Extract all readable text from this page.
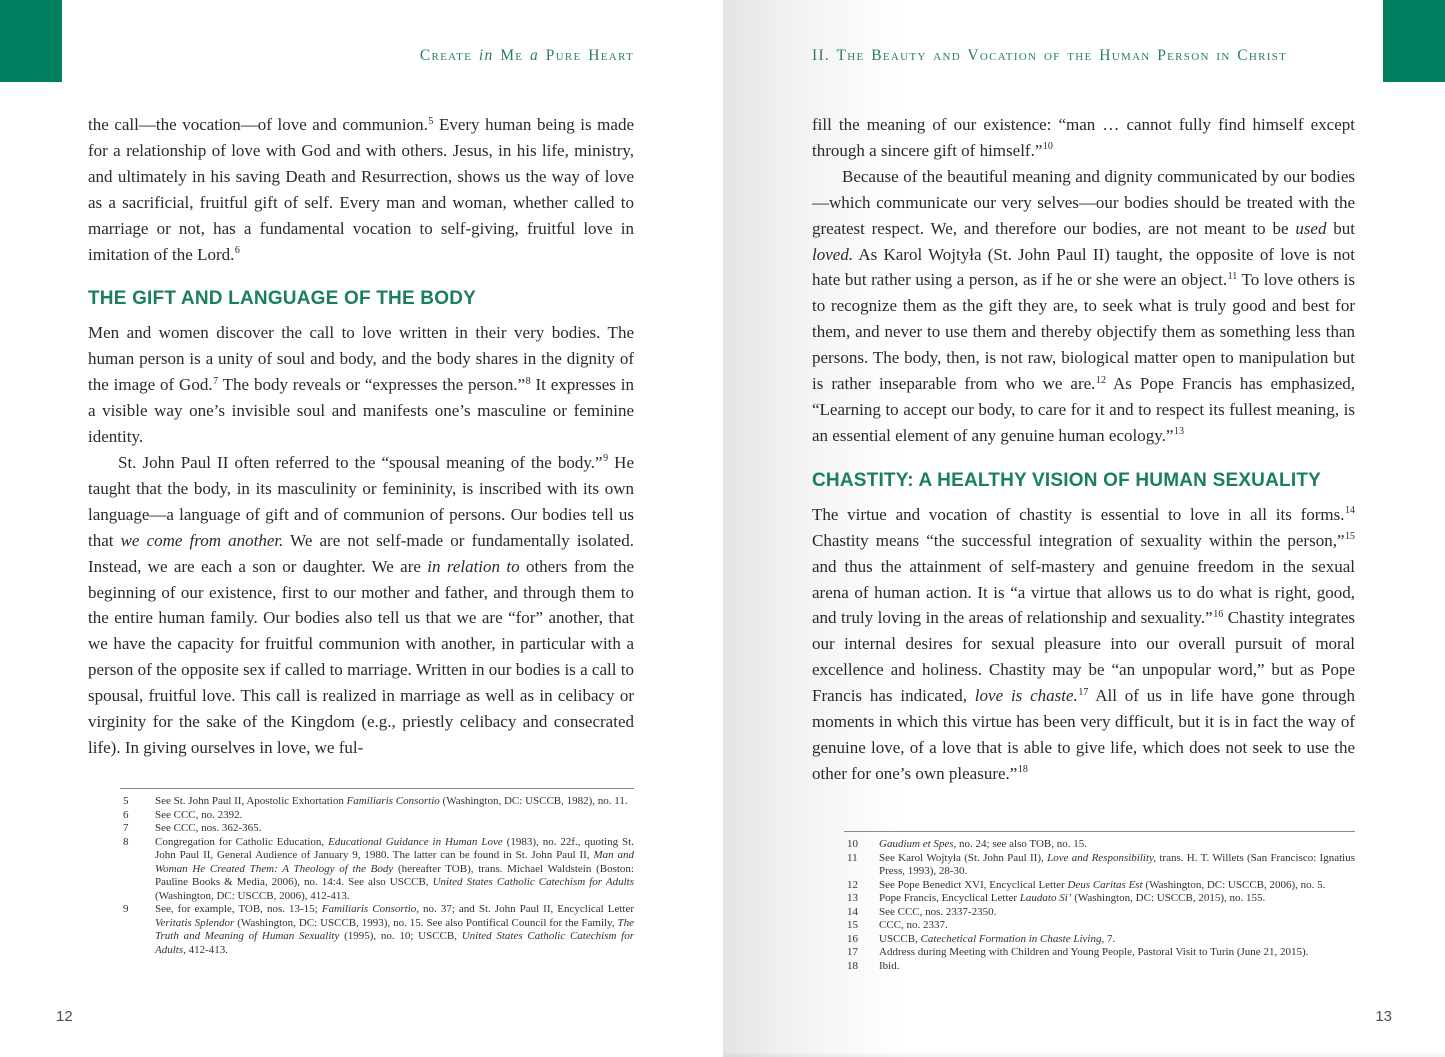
Create in Me a Pure Heart

the call—the vocation—of love and communion.$^5$ Every human being is made for a relationship of love with God and with others. Jesus, in his life, ministry, and ultimately in his saving Death and Resurrection, shows us the way of love as a sacrificial, fruitful gift of self. Every man and woman, whether called to marriage or not, has a fundamental vocation to self-giving, fruitful love in imitation of the Lord.$^6$

THE GIFT AND LANGUAGE OF THE BODY

Men and women discover the call to love written in their very bodies. The human person is a unity of soul and body, and the body shares in the dignity of the image of God.$^7$ The body reveals or “expresses the person.”$^8$ It expresses in a visible way one’s invisible soul and manifests one’s masculine or feminine identity.

St. John Paul II often referred to the “spousal meaning of the body.”$^9$ He taught that the body, in its masculinity or femininity, is inscribed with its own language—a language of gift and of communion of persons. Our bodies tell us that we come from another. We are not self-made or fundamentally isolated. Instead, we are each a son or daughter. We are in relation to others from the beginning of our existence, first to our mother and father, and through them to the entire human family. Our bodies also tell us that we are “for” another, that we have the capacity for fruitful communion with another, in particular with a person of the opposite sex if called to marriage. Written in our bodies is a call to spousal, fruitful love. This call is realized in marriage as well as in celibacy or virginity for the sake of the Kingdom (e.g., priestly celibacy and consecrated life). In giving ourselves in love, we ful-

5	See St. John Paul II, Apostolic Exhortation Familiaris Consortio (Washington, DC: USCCB, 1982), no. 11.
6	See CCC, no. 2392.
7	See CCC, nos. 362-365.
8	Congregation for Catholic Education, Educational Guidance in Human Love (1983), no. 22f., quoting St. John Paul II, General Audience of January 9, 1980. The latter can be found in St. John Paul II, Man and Woman He Created Them: A Theology of the Body (hereafter TOB), trans. Michael Waldstein (Boston: Pauline Books & Media, 2006), no. 14:4. See also USCCB, United States Catholic Catechism for Adults (Washington, DC: USCCB, 2006), 412-413.
9	See, for example, TOB, nos. 13-15; Familiaris Consortio, no. 37; and St. John Paul II, Encyclical Letter Veritatis Splendor (Washington, DC: USCCB, 1993), no. 15. See also Pontifical Council for the Family, The Truth and Meaning of Human Sexuality (1995), no. 10; USCCB, United States Catholic Catechism for Adults, 412-413.
12
II. The Beauty and Vocation of the Human Person in Christ

fill the meaning of our existence: “man … cannot fully find himself except through a sincere gift of himself.”$^{10}$

Because of the beautiful meaning and dignity communicated by our bodies—which communicate our very selves—our bodies should be treated with the greatest respect. We, and therefore our bodies, are not meant to be used but loved. As Karol Wojtyła (St. John Paul II) taught, the opposite of love is not hate but rather using a person, as if he or she were an object.$^{11}$ To love others is to recognize them as the gift they are, to seek what is truly good and best for them, and never to use them and thereby objectify them as something less than persons. The body, then, is not raw, biological matter open to manipulation but is rather inseparable from who we are.$^{12}$ As Pope Francis has emphasized, “Learning to accept our body, to care for it and to respect its fullest meaning, is an essential element of any genuine human ecology.”$^{13}$

CHASTITY: A HEALTHY VISION OF HUMAN SEXUALITY

The virtue and vocation of chastity is essential to love in all its forms.$^{14}$ Chastity means “the successful integration of sexuality within the person,”$^{15}$ and thus the attainment of self-mastery and genuine freedom in the sexual arena of human action. It is “a virtue that allows us to do what is right, good, and truly loving in the areas of relationship and sexuality.”$^{16}$ Chastity integrates our internal desires for sexual pleasure into our overall pursuit of moral excellence and holiness. Chastity may be “an unpopular word,” but as Pope Francis has indicated, love is chaste.$^{17}$ All of us in life have gone through moments in which this virtue has been very difficult, but it is in fact the way of genuine love, of a love that is able to give life, which does not seek to use the other for one’s own pleasure.”$^{18}$

10	Gaudium et Spes, no. 24; see also TOB, no. 15.
11	See Karol Wojtyła (St. John Paul II), Love and Responsibility, trans. H. T. Willets (San Francisco: Ignatius Press, 1993), 28-30.
12	See Pope Benedict XVI, Encyclical Letter Deus Caritas Est (Washington, DC: USCCB, 2006), no. 5.
13	Pope Francis, Encyclical Letter Laudato Si’ (Washington, DC: USCCB, 2015), no. 155.
14	See CCC, nos. 2337-2350.
15	CCC, no. 2337.
16	USCCB, Catechetical Formation in Chaste Living, 7.
17	Address during Meeting with Children and Young People, Pastoral Visit to Turin (June 21, 2015).
18	Ibid.
13
